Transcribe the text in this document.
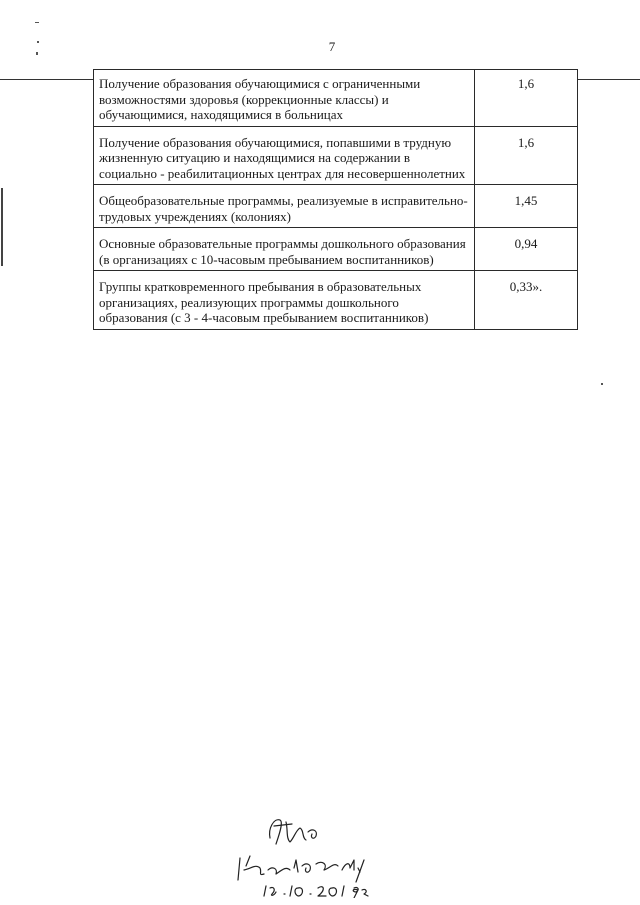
7
Получение образования обучающимися с ограниченными возможностями здоровья (коррекционные классы) и обучающимися, находящимися в больницах	1,6
Получение образования обучающимися, попавшими в трудную жизненную ситуацию и находящимися на содержании в социально - реабилитационных центрах для несовершеннолетних	1,6
Общеобразовательные программы, реализуемые в исправительно-трудовых учреждениях (колониях)	1,45
Основные образовательные программы дошкольного образования (в организациях с 10-часовым пребыванием воспитанников)	0,94
Группы кратковременного пребывания в образовательных организациях, реализующих программы дошкольного образования (с 3 - 4-часовым пребыванием воспитанников)	0,33».
